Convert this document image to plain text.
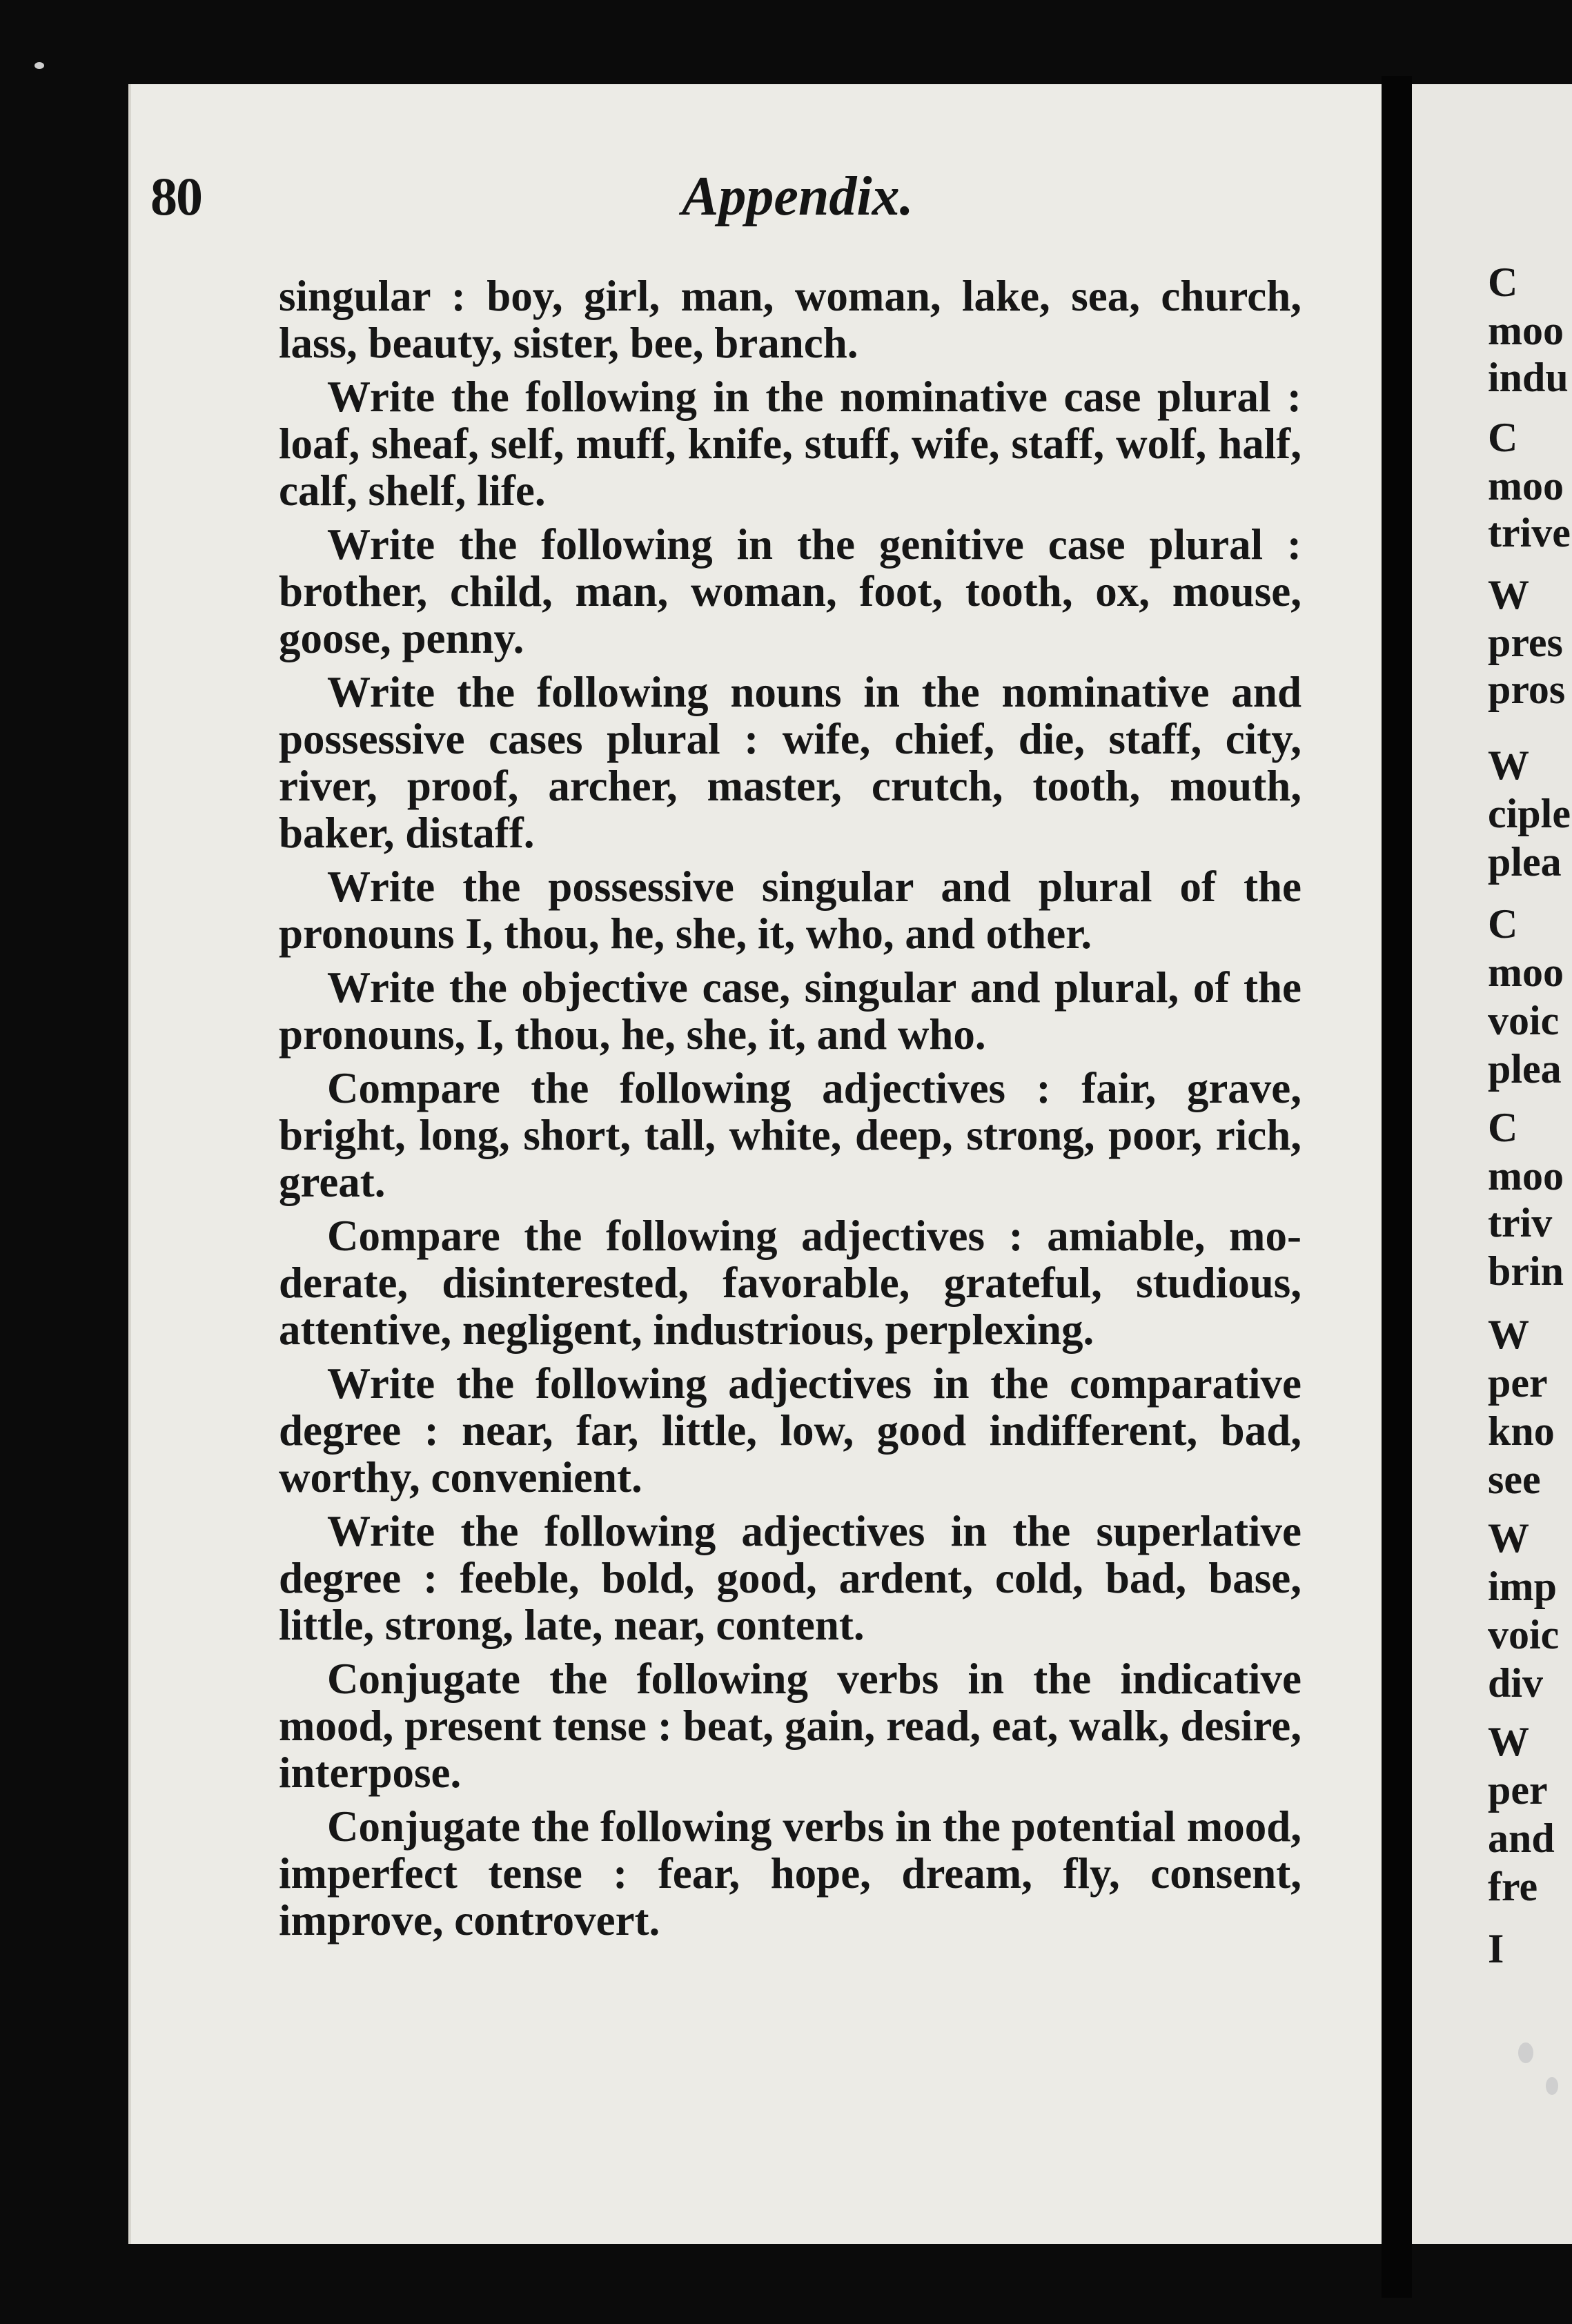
80	Appendix.

singular : boy, girl, man, woman, lake, sea, church, lass, beauty, sister, bee, branch.

Write the following in the nominative case plural : loaf, sheaf, self, muff, knife, stuff, wife, staff, wolf, half, calf, shelf, life.

Write the following in the genitive case plural : brother, child, man, woman, foot, tooth, ox, mouse, goose, penny.

Write the following nouns in the nominative and possessive cases plural : wife, chief, die, staff, city, river, proof, archer, master, crutch, tooth, mouth, baker, distaff.

Write the possessive singular and plural of the pronouns I, thou, he, she, it, who, and other.

Write the objective case, singular and plural, of the pronouns, I, thou, he, she, it, and who.

Compare the following adjectives : fair, grave, bright, long, short, tall, white, deep, strong, poor, rich, great.

Compare the following adjectives : amiable, moderate, disinterested, favorable, grateful, studious, attentive, negligent, industrious, perplexing.

Write the following adjectives in the comparative degree : near, far, little, low, good indifferent, bad, worthy, convenient.

Write the following adjectives in the superlative degree : feeble, bold, good, ardent, cold, bad, base, little, strong, late, near, content.

Conjugate the following verbs in the indicative mood, present tense : beat, gain, read, eat, walk, desire, interpose.

Conjugate the following verbs in the potential mood, imperfect tense : fear, hope, dream, fly, consent, improve, controvert.

C
moo
indu
C
moo
trive
W
pres
pros
W
ciple
plea
C
moo
voic
plea
C
moo
triv
brin
W
per
kno
see
W
imp
voic
div
W
per
and
fre
I
